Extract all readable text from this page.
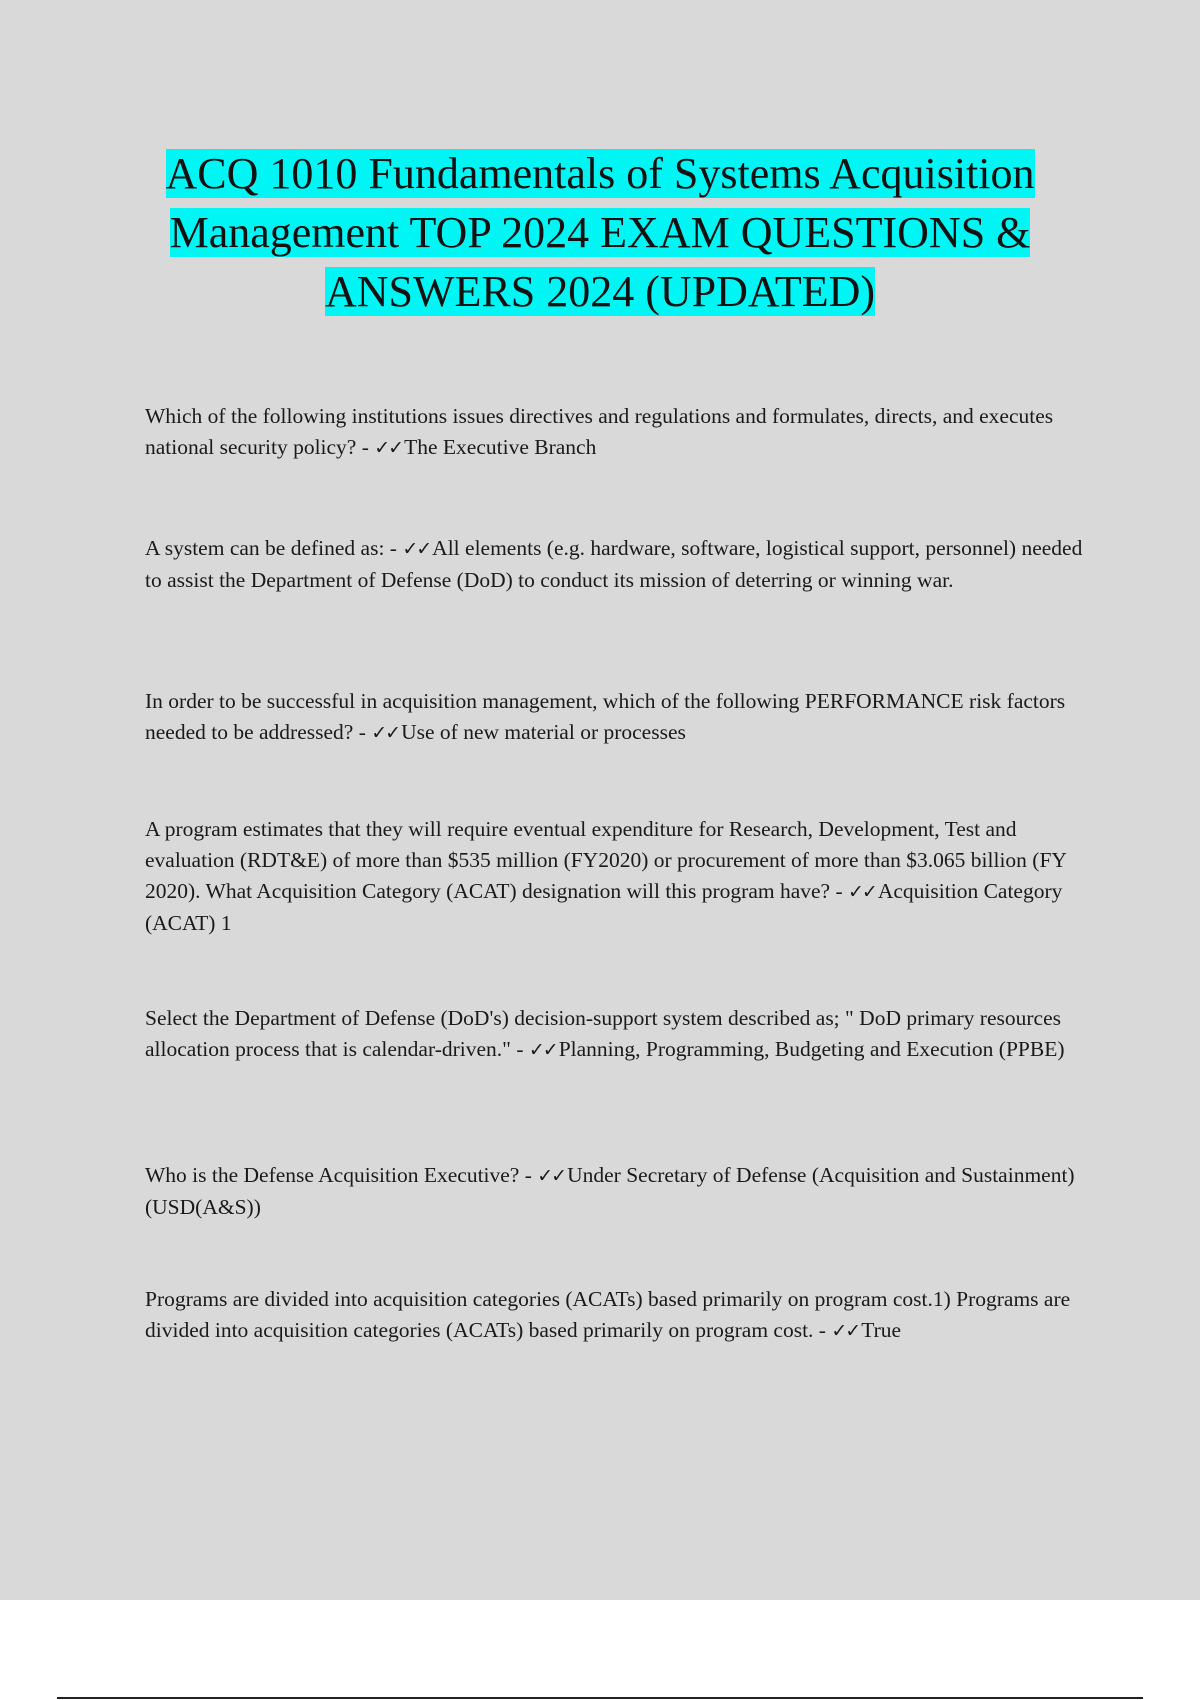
ACQ 1010 Fundamentals of Systems Acquisition Management TOP 2024 EXAM QUESTIONS & ANSWERS 2024 (UPDATED)

Which of the following institutions issues directives and regulations and formulates, directs, and executes national security policy? - ✓✓The Executive Branch

A system can be defined as: - ✓✓All elements (e.g. hardware, software, logistical support, personnel) needed to assist the Department of Defense (DoD) to conduct its mission of deterring or winning war.

In order to be successful in acquisition management, which of the following PERFORMANCE risk factors needed to be addressed? - ✓✓Use of new material or processes

A program estimates that they will require eventual expenditure for Research, Development, Test and evaluation (RDT&E) of more than $535 million (FY2020) or procurement of more than $3.065 billion (FY 2020). What Acquisition Category (ACAT) designation will this program have? - ✓✓Acquisition Category (ACAT) 1

Select the Department of Defense (DoD's) decision-support system described as; " DoD primary resources allocation process that is calendar-driven." - ✓✓Planning, Programming, Budgeting and Execution (PPBE)

Who is the Defense Acquisition Executive? - ✓✓Under Secretary of Defense (Acquisition and Sustainment)(USD(A&S))

Programs are divided into acquisition categories (ACATs) based primarily on program cost.1) Programs are divided into acquisition categories (ACATs) based primarily on program cost. - ✓✓True
